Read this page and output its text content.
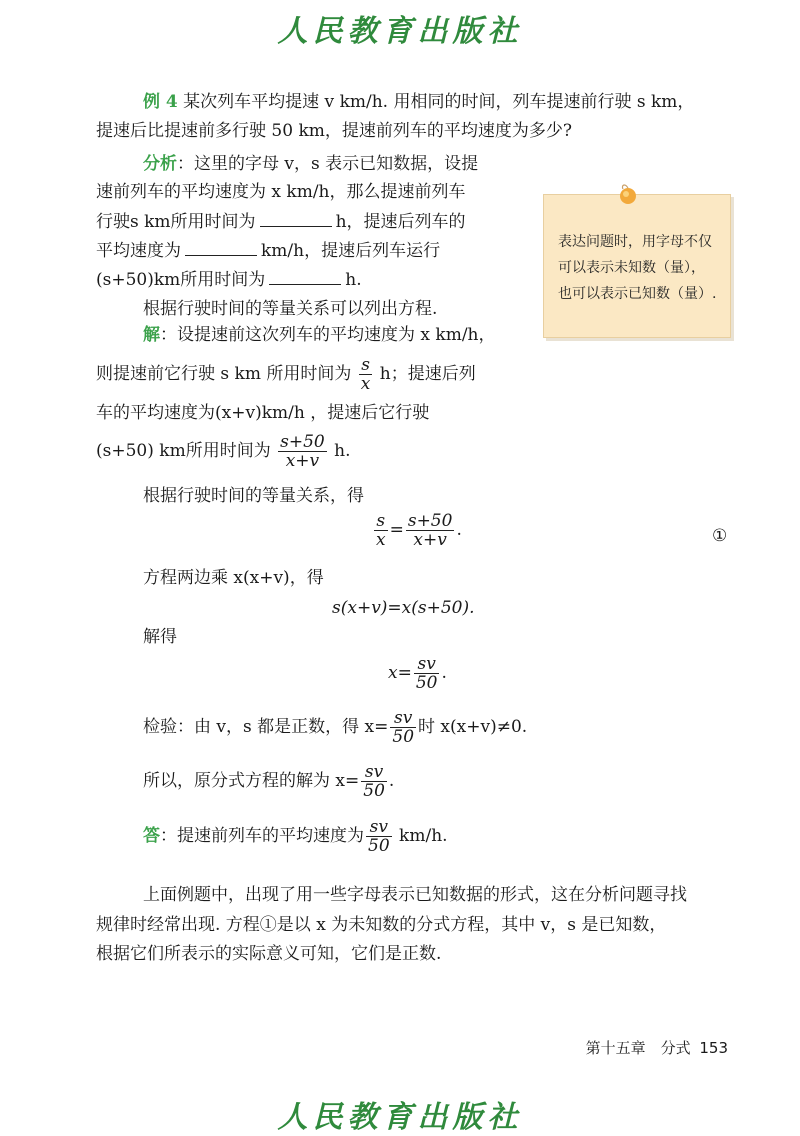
人民教育出版社
例 4 某次列车平均提速 v km/h. 用相同的时间，列车提速前行驶 s km，
提速后比提速前多行驶 50 km，提速前列车的平均速度为多少?
分析：这里的字母 v，s 表示已知数据，设提
速前列车的平均速度为 x km/h，那么提速前列车
行驶s km所用时间为	h，提速后列车的
平均速度为	km/h，提速后列车运行
(s+50)km所用时间为	h.
根据行驶时间的等量关系可以列出方程.
表达问题时，用字母不仅可以表示未知数（量），也可以表示已知数（量）.
解：设提速前这次列车的平均速度为 x km/h，
则提速前它行驶 s km 所用时间为 $\frac{s}{x}$ h；提速后列
车的平均速度为(x+v)km/h ，提速后它行驶
(s+50) km所用时间为 $\frac{s+50}{x+v} h$.
根据行驶时间的等量关系，得
$\frac{s}{x} = \frac{s+50}{x+v}$ .	①
方程两边乘 x(x+v)，得
s(x+v)=x(s+50).
解得
$x= \frac{sv}{50}$ .
检验：由 v，s 都是正数，得 $x= \frac{sv}{50}$ 时 x(x+v)≠0.
所以，原分式方程的解为 $x= \frac{sv}{50}$ .
答：提速前列车的平均速度为 $\frac{sv}{50} km/h$.
上面例题中，出现了用一些字母表示已知数据的形式，这在分析问题寻找
规律时经常出现. 方程①是以 x 为未知数的分式方程，其中 v，s 是已知数，
根据它们所表示的实际意义可知，它们是正数.
第十五章　分式 153
人民教育出版社
